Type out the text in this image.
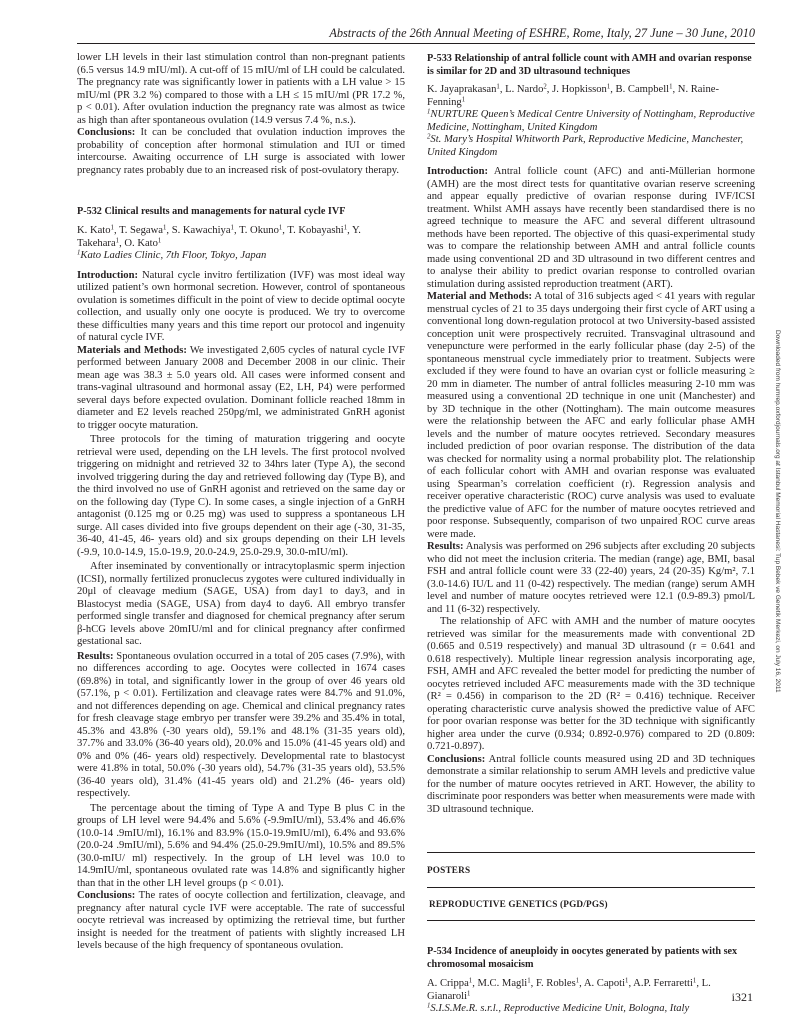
Abstracts of the 26th Annual Meeting of ESHRE, Rome, Italy, 27 June – 30 June, 2010

lower LH levels in their last stimulation control than non-pregnant patients (6.5 versus 14.9 mIU/ml). A cut-off of 15 mIU/ml of LH could be calculated. The pregnancy rate was significantly lower in patients with a LH value > 15 mIU/ml (PR 3.2 %) compared to those with a LH ≤ 15 mIU/ml (PR 17.2 %, p < 0.01). After ovulation induction the pregnancy rate was almost as twice as high than after spontaneous ovulation (14.9 versus 7.4 %, n.s.).

Conclusions: It can be concluded that ovulation induction improves the probability of conception after hormonal stimulation and IUI or timed intercourse. Awaiting occurrence of LH surge is associated with lower pregnancy rates probably due to an increased risk of post-ovulatory therapy.

P-532 Clinical results and managements for natural cycle IVF

K. Kato$^1$, T. Segawa$^1$, S. Kawachiya$^1$, T. Okuno$^1$, T. Kobayashi$^1$, Y. Takehara$^1$, O. Kato$^1$

$^1$Kato Ladies Clinic, 7th Floor, Tokyo, Japan

Introduction: Natural cycle invitro fertilization (IVF) was most ideal way utilized patient’s own hormonal secretion. However, control of spontaneous ovulation is sometimes difficult in the point of view to decide optimal oocyte collection, and usually only one oocyte is produced. We try to overcome these difficulties many years and this time report our protocol and ingenuity of natural cycle IVF.

Materials and Methods: We investigated 2,605 cycles of natural cycle IVF performed between January 2008 and December 2008 in our clinic. Their mean age was 38.3 ± 5.0 years old. All cases were informed consent and trans-vaginal ultrasound and hormonal assay (E2, LH, P4) were performed several days before expected ovulation. Dominant follicle reached 18mm in diameter and E2 levels reached 250pg/ml, we administrated GnRH agonist to trigger oocyte maturation.

Three protocols for the timing of maturation triggering and oocyte retrieval were used, depending on the LH levels. The first protocol nvolved triggering on midnight and retrieved 32 to 34hrs later (Type A), the second involved triggering during the day and retrieved following day (Type B), and the third involved no use of GnRH agonist and retrieved on the same day or on the following day (Type C). In some cases, a single injection of a GnRH antagonist (0.125 mg or 0.25 mg) was used to suppress a spontaneous LH surge. All cases divided into five groups dependent on their age (-30, 31-35, 36-40, 41-45, 46- years old) and six groups depending on their LH levels (-9.9, 10.0-14.9, 15.0-19.9, 20.0-24.9, 25.0-29.9, 30.0-mIU/ml).

After inseminated by conventionally or intracytoplasmic sperm injection (ICSI), normally fertilized pronuclecus zygotes were cultured individually in 20μl of cleavage medium (SAGE, USA) from day1 to day3, and in Blastocyst media (SAGE, USA) from day4 to day6. All embryo transfer performed single transfer and diagnosed for chemical pregnancy after serum β-hCG levels above 20mIU/ml and for clinical pregnancy after confirmed gestational sac.

Results: Spontaneous ovulation occurred in a total of 205 cases (7.9%), with no differences according to age. Oocytes were collected in 1674 cases (69.8%) in total, and significantly lower in the group of over 46 years old (57.1%, p < 0.01). Fertilization and cleavage rates were 84.7% and 91.0%, and not differences depending on age. Chemical and clinical pregnancy rates for fresh cleavage stage embryo per transfer were 39.2% and 35.4% in total, 45.3% and 43.8% (-30 years old), 59.1% and 48.1% (31-35 years old), 37.7% and 33.0% (36-40 years old), 20.0% and 15.0% (41-45 years old) and 0% and 0% (46- years old) respectively. Developmental rate to blastocyst were 41.8% in total, 50.0% (-30 years old), 54.7% (31-35 years old), 53.5% (36-40 years old), 31.4% (41-45 years old) and 21.2% (46- years old) respectively.

The percentage about the timing of Type A and Type B plus C in the groups of LH level were 94.4% and 5.6% (-9.9mIU/ml), 53.4% and 46.6% (10.0-14 .9mIU/ml), 16.1% and 83.9% (15.0-19.9mIU/ml), 6.4% and 93.6% (20.0-24 .9mIU/ml), 5.6% and 94.4% (25.0-29.9mIU/ml), 10.5% and 89.5% (30.0-mIU/ ml) respectively. In the group of LH level was 10.0 to 14.9mIU/ml, spontaneous ovulated rate was 14.8% and significantly higher than that in the other LH level groups (p < 0.01).

Conclusions: The rates of oocyte collection and fertilization, cleavage, and pregnancy after natural cycle IVF were acceptable. The rate of successful oocyte retrieval was increased by optimizing the retrieval time, but further insight is needed for the treatment of patients with slightly increased LH levels because of the high frequency of spontaneous ovulation.

P-533 Relationship of antral follicle count with AMH and ovarian response is similar for 2D and 3D ultrasound techniques

K. Jayaprakasan$^1$, L. Nardo$^2$, J. Hopkisson$^1$, B. Campbell$^1$, N. Raine-Fenning$^1$

$^1$NURTURE Queen’s Medical Centre University of Nottingham, Reproductive Medicine, Nottingham, United Kingdom

$^2$St. Mary’s Hospital Whitworth Park, Reproductive Medicine, Manchester, United Kingdom

Introduction: Antral follicle count (AFC) and anti-Müllerian hormone (AMH) are the most direct tests for quantitative ovarian reserve screening and appear equally predictive of ovarian response during IVF/ICSI treatment. Whilst AMH assays have recently been standardised there is no agreed technique to measure the AFC and several different ultrasound methods have been reported. The objective of this quasi-experimental study was to compare the relationship between AMH and antral follicle counts made using conventional 2D and 3D ultrasound in two different centres and to analyse their ability to predict ovarian response to controlled ovarian stimulation during assisted reproduction treatment (ART).

Material and Methods: A total of 316 subjects aged < 41 years with regular menstrual cycles of 21 to 35 days undergoing their first cycle of ART using a conventional long down-regulation protocol at two University-based assisted conception unit were prospectively recruited. Transvaginal ultrasound and venepuncture were performed in the early follicular phase (day 2-5) of the spontaneous menstrual cycle immediately prior to treatment. Subjects were excluded if they were found to have an ovarian cyst or follicle measuring ≥ 20 mm in diameter. The number of antral follicles measuring 2-10 mm was measured using a conventional 2D technique in one unit (Manchester) and by 3D technique in the other (Nottingham). The main outcome measures were the relationship between the AFC and early follicular phase AMH levels and the number of mature oocytes retrieved. Secondary measures included prediction of poor ovarian response. The distribution of the data was checked for normality using a normal probability plot. The relationship of each follicular cohort with AMH and ovarian response was evaluated using Spearman’s correlation coefficient (r). Regression analysis and receiver operative characteristic (ROC) curve analysis was used to evaluate the predictive value of AFC for the number of mature oocytes retrieved and poor response. Subsequently, comparison of two unpaired ROC curve areas were made.

Results: Analysis was performed on 296 subjects after excluding 20 subjects who did not meet the inclusion criteria. The median (range) age, BMI, basal FSH and antral follicle count were 33 (22-40) years, 24 (20-35) Kg/m², 7.1 (3.0-14.6) IU/L and 11 (0-42) respectively. The median (range) serum AMH level and number of mature oocytes retrieved were 12.1 (0.9-89.3) pmol/L and 11 (6-32) respectively.

The relationship of AFC with AMH and the number of mature oocytes retrieved was similar for the measurements made with conventional 2D (0.665 and 0.519 respectively) and manual 3D ultrasound (r = 0.641 and 0.618 respectively). Multiple linear regression analysis incorporating age, FSH, AMH and AFC revealed the better model for predicting the number of oocytes retrieved included AFC measurements made with the 3D technique (R² = 0.456) in comparison to the 2D (R² = 0.416) technique. Receiver operating characteristic curve analysis showed the predictive value of AFC for poor ovarian response was better for the 3D technique with significantly higher area under the curve (0.934; 0.892-0.976) compared to 2D (0.809: 0.721-0.897).

Conclusions: Antral follicle counts measured using 2D and 3D techniques demonstrate a similar relationship to serum AMH levels and predictive value for the number of mature oocytes retrieved in ART. However, the ability to discriminate poor responders was better when measurements were made with 3D ultrasound technique.

POSTERS

REPRODUCTIVE GENETICS (PGD/PGS)

P-534 Incidence of aneuploidy in oocytes generated by patients with sex chromosomal mosaicism

A. Crippa$^1$, M.C. Magli$^1$, F. Robles$^1$, A. Capoti$^1$, A.P. Ferraretti$^1$, L. Gianaroli$^1$

$^1$S.I.S.Me.R. s.r.l., Reproductive Medicine Unit, Bologna, Italy

Downloaded from humrep.oxfordjournals.org at Istanbul Memorial Hastanesi: Tup Bebek ve Genetik Merkezi, on July 16, 2011
i321
